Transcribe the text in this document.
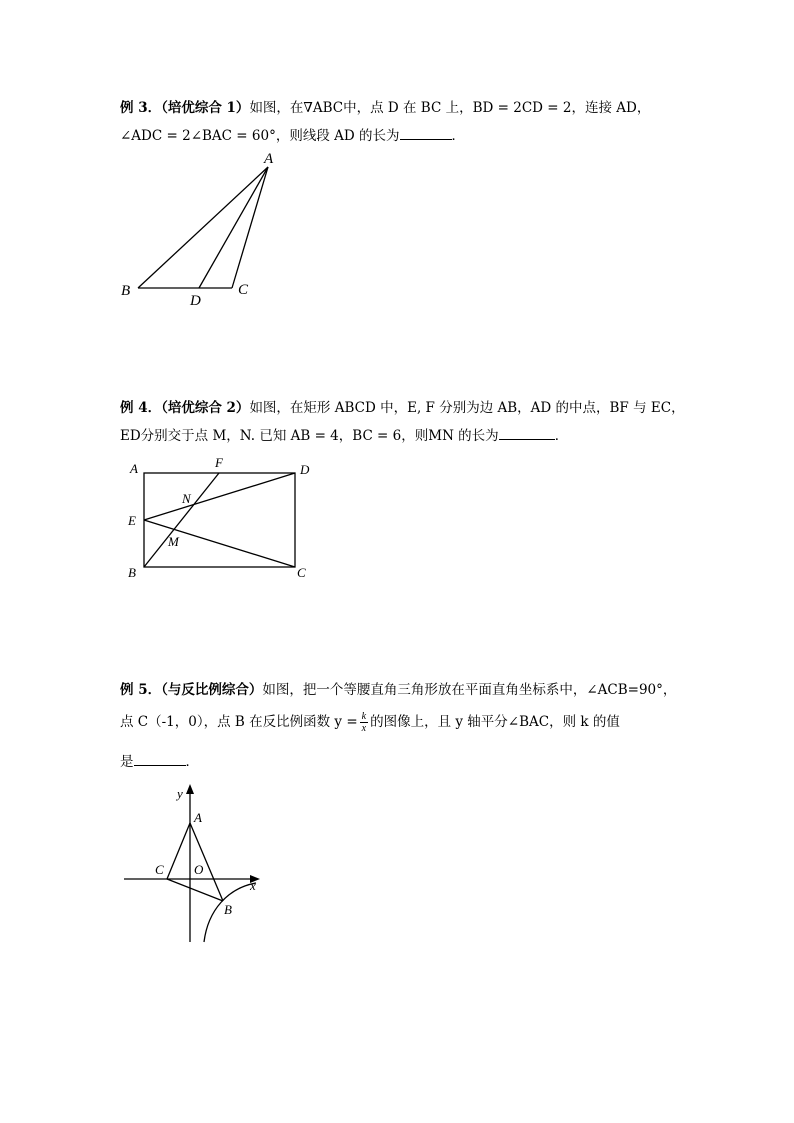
例 3．（培优综合 1）如图，在∇ABC中，点 D 在 BC 上，BD = 2CD = 2，连接 AD，
∠ADC = 2∠BAC = 60°，则线段 AD 的长为	．
A
B	C
D
例 4．（培优综合 2）如图，在矩形 ABCD 中，E, F 分别为边 AB，AD 的中点，BF 与 EC，
ED分别交于点 M，N. 已知 AB = 4，BC = 6，则MN 的长为	．
A	F	D
N
E
M
B	C
例 5．（与反比例综合）如图，把一个等腰直角三角形放在平面直角坐标系中，∠ACB=90°，
点 C（-1，0），点 B 在反比例函数 $y = \frac{k}{x}$ 的图像上，且 y 轴平分∠BAC，则 k 的值
是	．
y
A
C O
x
B
